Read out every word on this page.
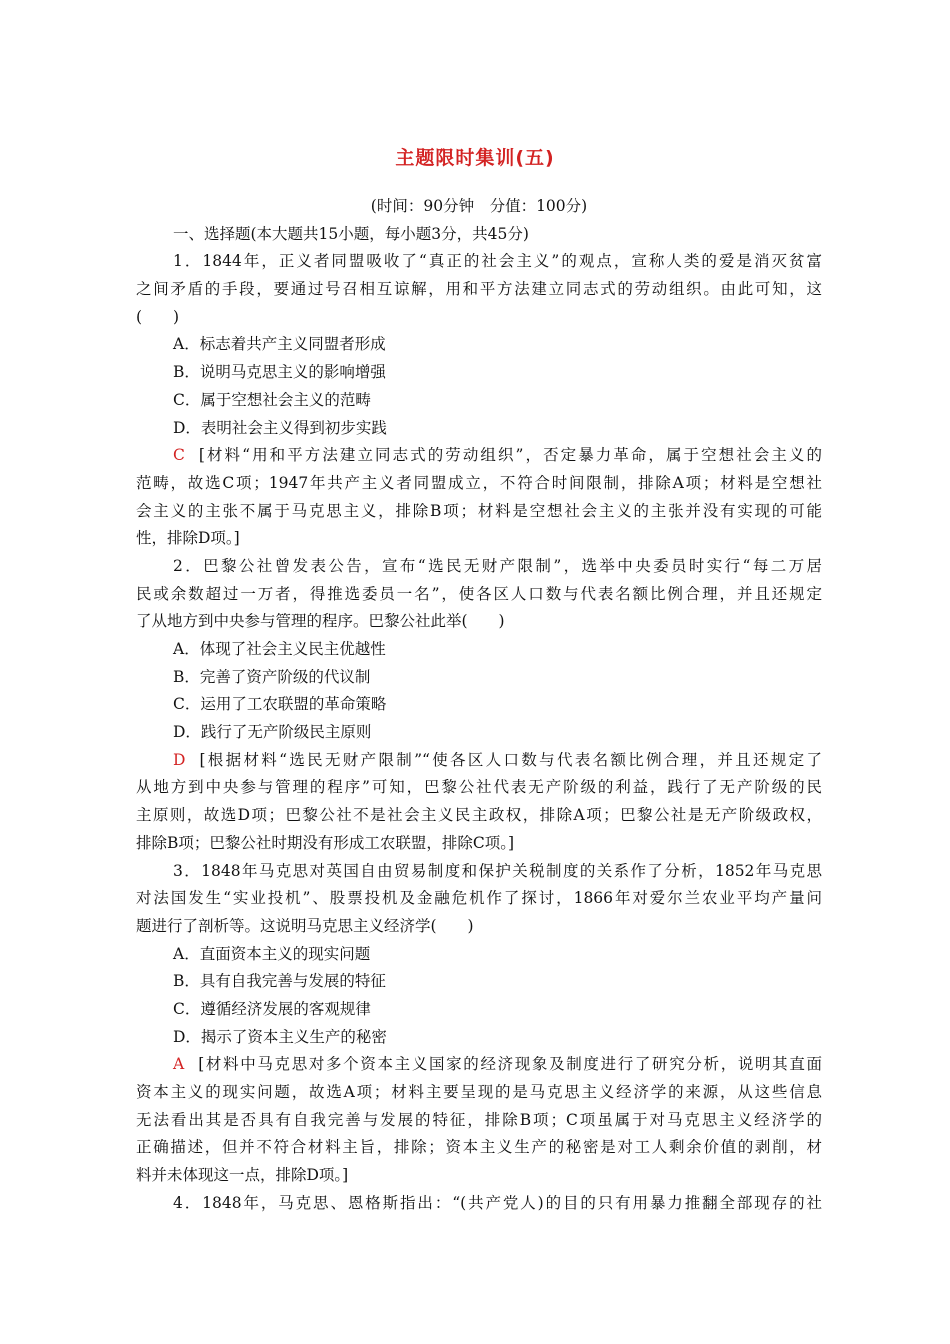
主题限时集训(五)
(时间：90分钟　分值：100分)
一、选择题(本大题共15小题，每小题3分，共45分)
1．1844年，正义者同盟吸收了“真正的社会主义”的观点，宣称人类的爱是消灭贫富
之间矛盾的手段，要通过号召相互谅解，用和平方法建立同志式的劳动组织。由此可知，这
(　　)
A．标志着共产主义同盟者形成
B．说明马克思主义的影响增强
C．属于空想社会主义的范畴
D．表明社会主义得到初步实践
C [材料“用和平方法建立同志式的劳动组织”，否定暴力革命，属于空想社会主义的
范畴，故选C项；1947年共产主义者同盟成立，不符合时间限制，排除A项；材料是空想社
会主义的主张不属于马克思主义，排除B项；材料是空想社会主义的主张并没有实现的可能
性，排除D项。]
2．巴黎公社曾发表公告，宣布“选民无财产限制”，选举中央委员时实行“每二万居
民或余数超过一万者，得推选委员一名”，使各区人口数与代表名额比例合理，并且还规定
了从地方到中央参与管理的程序。巴黎公社此举(　　)
A．体现了社会主义民主优越性
B．完善了资产阶级的代议制
C．运用了工农联盟的革命策略
D．践行了无产阶级民主原则
D [根据材料“选民无财产限制”“使各区人口数与代表名额比例合理，并且还规定了
从地方到中央参与管理的程序”可知，巴黎公社代表无产阶级的利益，践行了无产阶级的民
主原则，故选D项；巴黎公社不是社会主义民主政权，排除A项；巴黎公社是无产阶级政权，
排除B项；巴黎公社时期没有形成工农联盟，排除C项。]
3．1848年马克思对英国自由贸易制度和保护关税制度的关系作了分析，1852年马克思
对法国发生“实业投机”、股票投机及金融危机作了探讨，1866年对爱尔兰农业平均产量问
题进行了剖析等。这说明马克思主义经济学(　　)
A．直面资本主义的现实问题
B．具有自我完善与发展的特征
C．遵循经济发展的客观规律
D．揭示了资本主义生产的秘密
A [材料中马克思对多个资本主义国家的经济现象及制度进行了研究分析，说明其直面
资本主义的现实问题，故选A项；材料主要呈现的是马克思主义经济学的来源，从这些信息
无法看出其是否具有自我完善与发展的特征，排除B项；C项虽属于对马克思主义经济学的
正确描述，但并不符合材料主旨，排除；资本主义生产的秘密是对工人剩余价值的剥削，材
料并未体现这一点，排除D项。]
4．1848年，马克思、恩格斯指出：“(共产党人)的目的只有用暴力推翻全部现存的社
